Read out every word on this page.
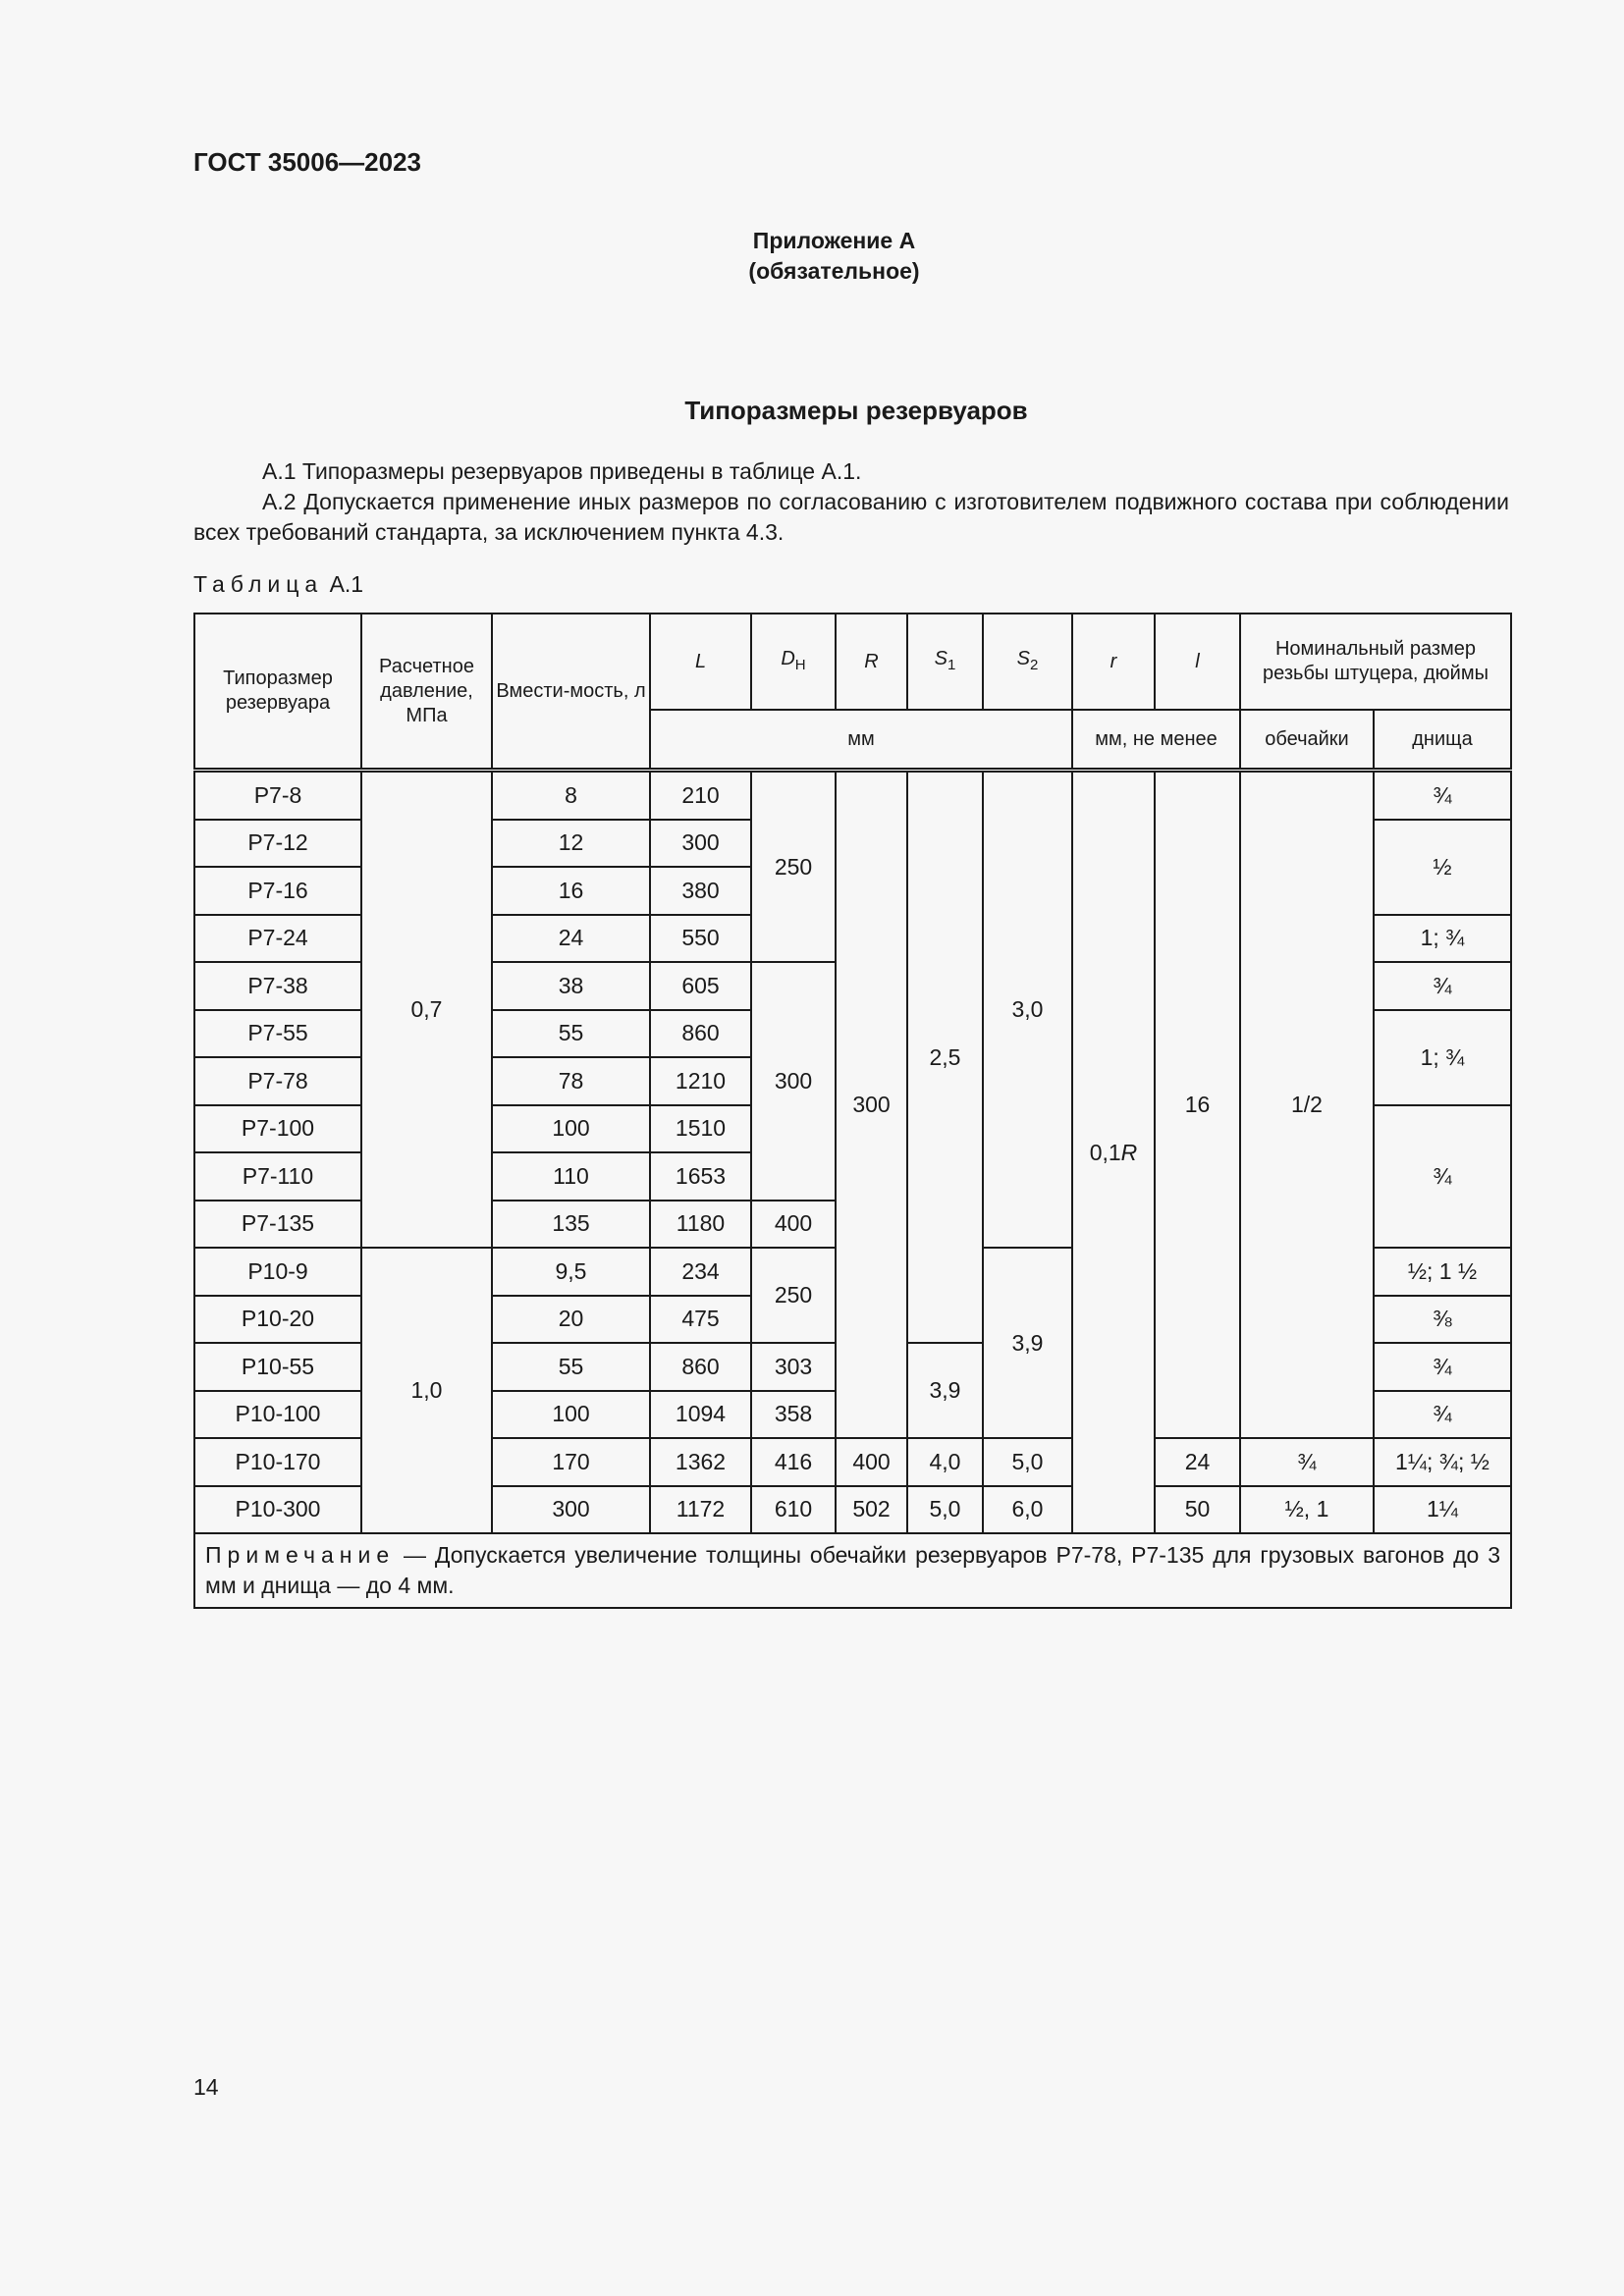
ГОСТ 35006—2023
Приложение А
(обязательное)
Типоразмеры резервуаров
А.1 Типоразмеры резервуаров приведены в таблице А.1.
А.2 Допускается применение иных размеров по согласованию с изготовителем подвижного состава при соблюдении всех требований стандарта, за исключением пункта 4.3.
Таблица А.1
Типоразмер резервуара	Расчетное давление, МПа	Вмести-мость, л	L	$D_Н$	R	$S_1$	$S_2$	r	l	Номинальный размер резьбы штуцера, дюймы	
			мм					мм, не менее		обечайки	днища
Р7-8	0,7	8	210	250	300	2,5	3,0	0,1R	16	1/2	¾
Р7-12		12	300								½
Р7-16		16	380								
Р7-24		24	550								1; ¾
Р7-38		38	605	300							¾
Р7-55		55	860								1; ¾
Р7-78		78	1210								
Р7-100		100	1510								¾
Р7-110		110	1653								
Р7-135		135	1180	400							
Р10-9	1,0	9,5	234	250			3,9				½; 1 ½
Р10-20		20	475								⅜
Р10-55		55	860	303		3,9					¾
Р10-100		100	1094	358							¾
Р10-170		170	1362	416	400	4,0	5,0		24	¾	1¼; ¾; ½
Р10-300		300	1172	610	502	5,0	6,0		50	½, 1	1¼
Примечание — Допускается увеличение толщины обечайки резервуаров Р7-78, Р7-135 для грузовых вагонов до 3 мм и днища — до 4 мм.											
14
